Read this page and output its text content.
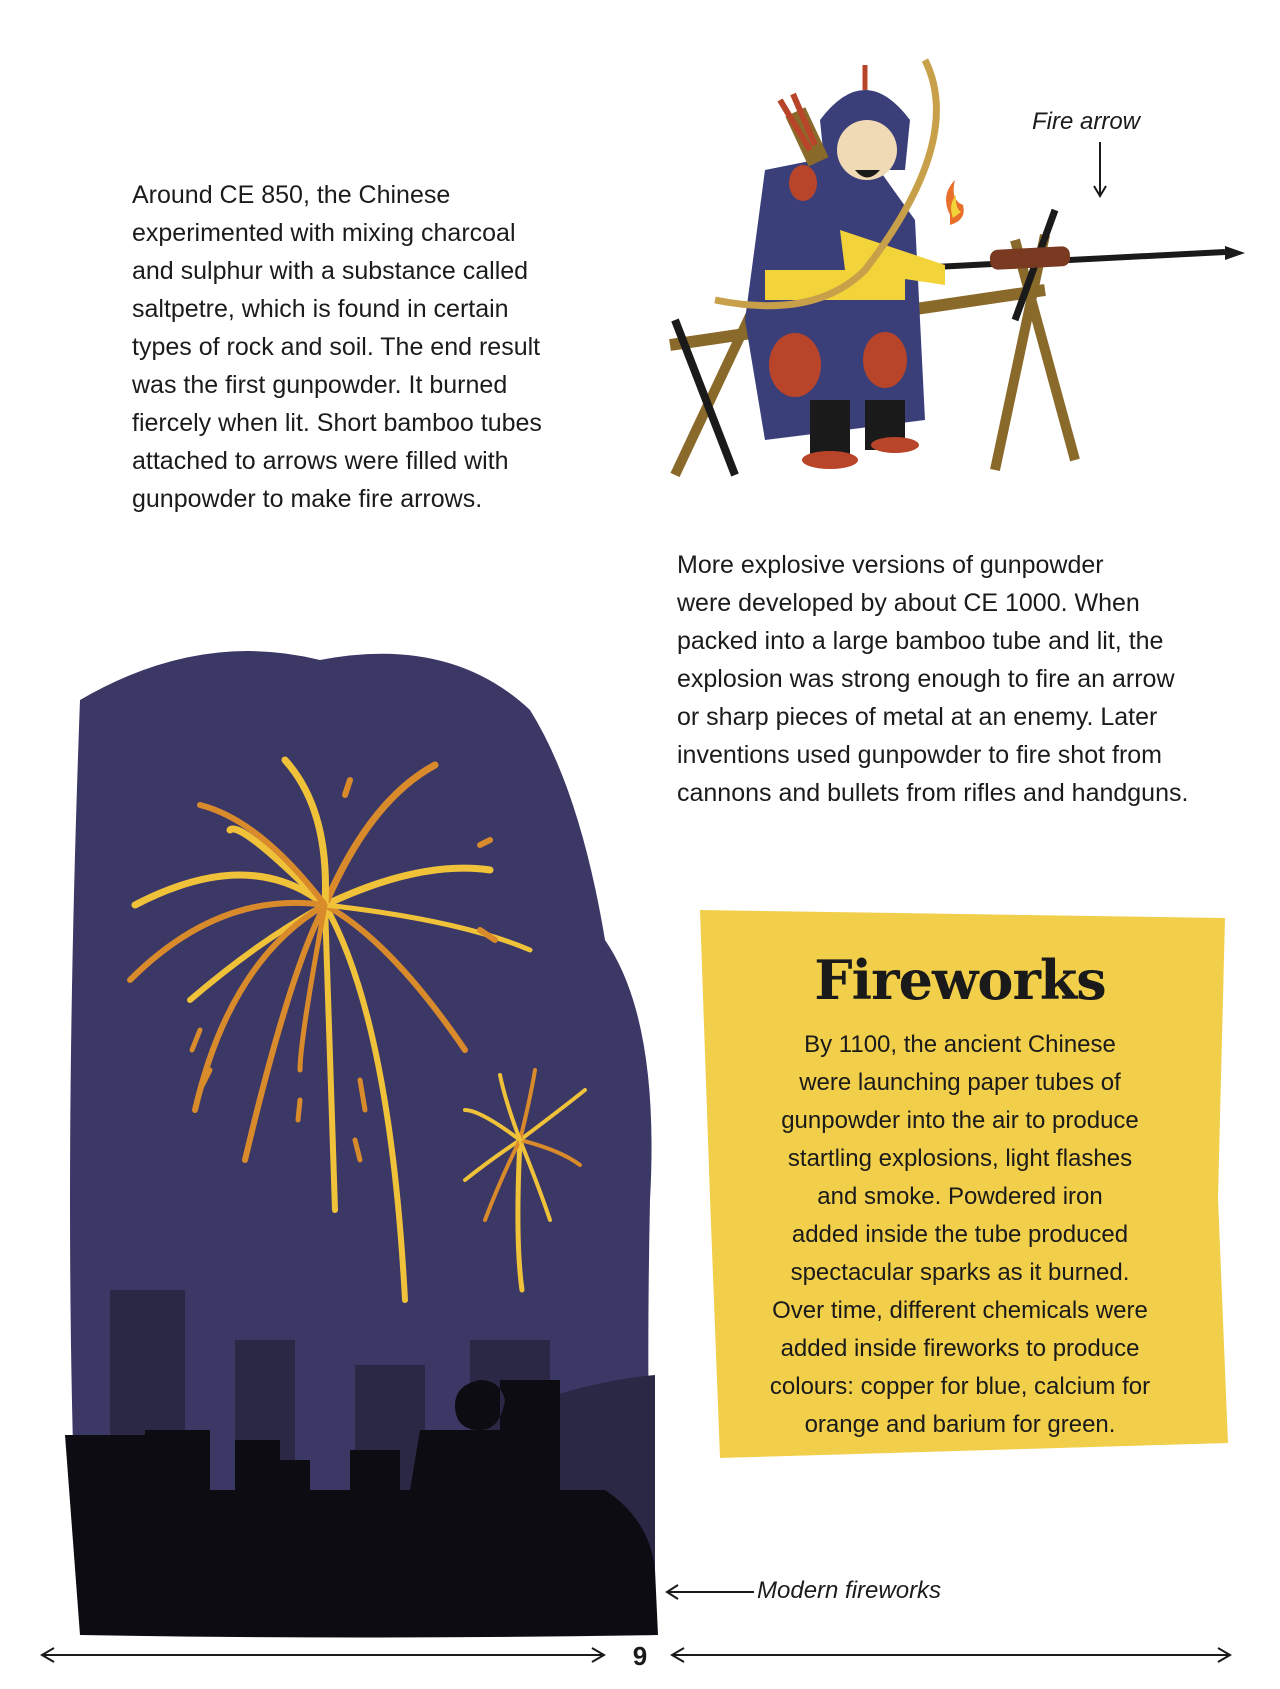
Around CE 850, the Chinese
experimented with mixing charcoal
and sulphur with a substance called
saltpetre, which is found in certain
types of rock and soil. The end result
was the first gunpowder. It burned
fiercely when lit. Short bamboo tubes
attached to arrows were filled with
gunpowder to make fire arrows.
Fire arrow
More explosive versions of gunpowder
were developed by about CE 1000. When
packed into a large bamboo tube and lit, the
explosion was strong enough to fire an arrow
or sharp pieces of metal at an enemy. Later
inventions used gunpowder to fire shot from
cannons and bullets from rifles and handguns.
Modern fireworks
Fireworks
By 1100, the ancient Chinese
were launching paper tubes of
gunpowder into the air to produce
startling explosions, light flashes
and smoke. Powdered iron
added inside the tube produced
spectacular sparks as it burned.
Over time, different chemicals were
added inside fireworks to produce
colours: copper for blue, calcium for
orange and barium for green.
9
